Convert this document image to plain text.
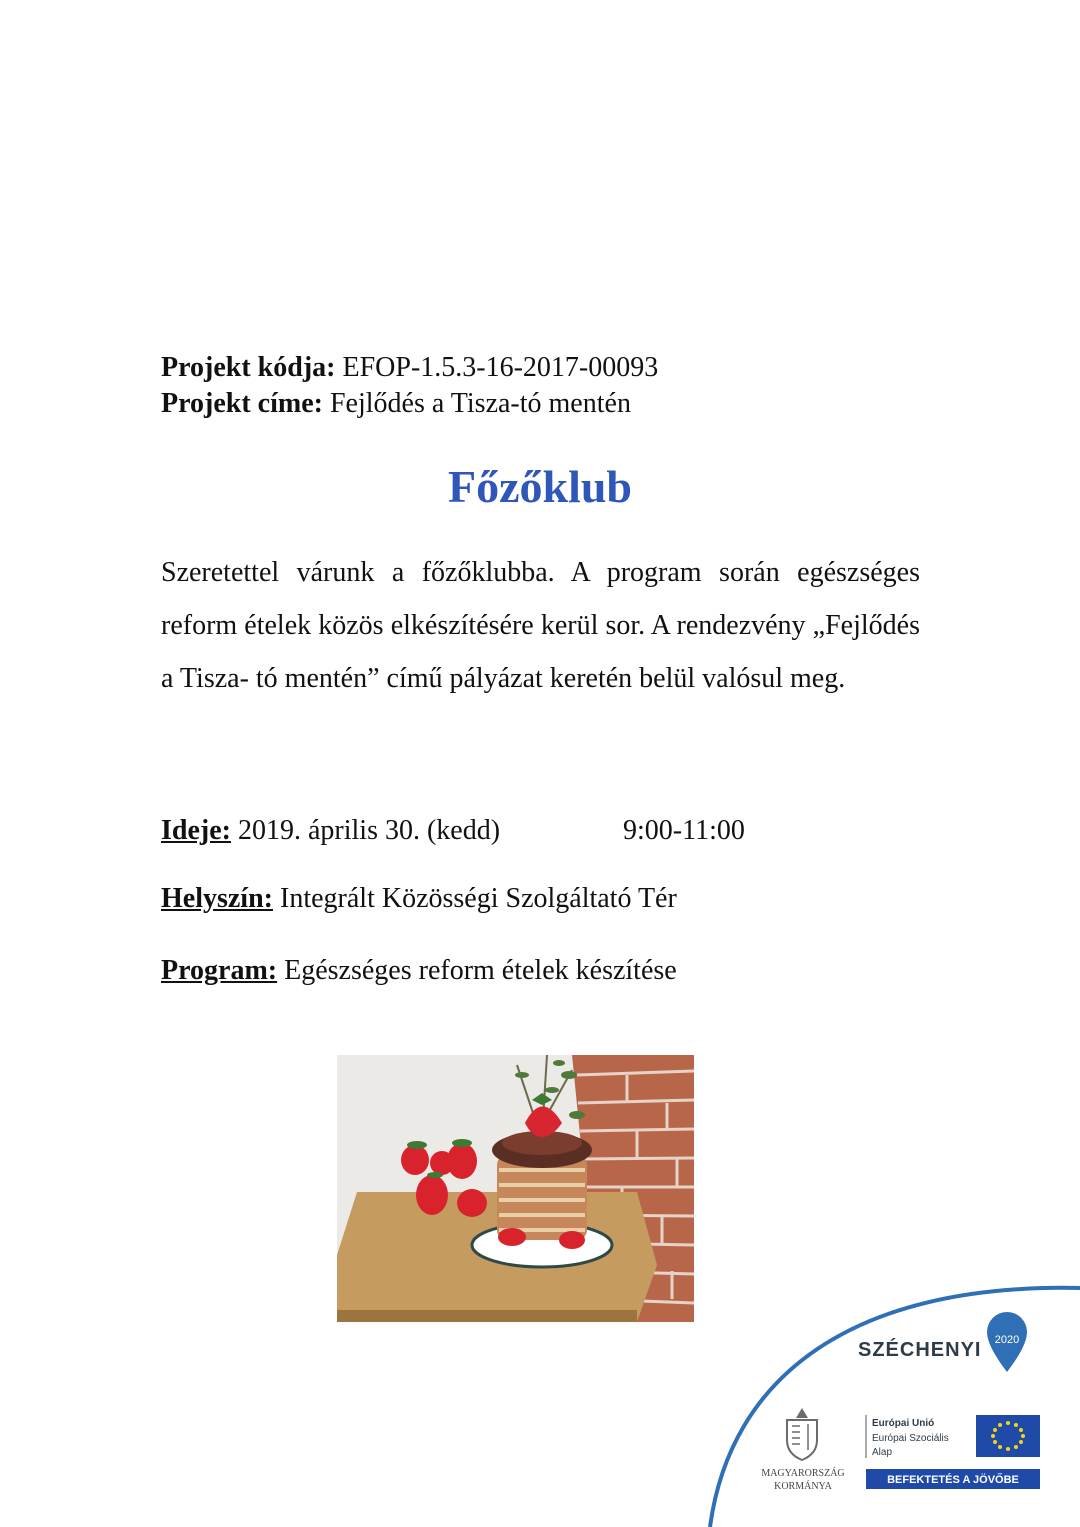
Projekt kódja: EFOP-1.5.3-16-2017-00093
Projekt címe: Fejlődés a Tisza-tó mentén
Főzőklub
Szeretettel várunk a főzőklubba. A program során egészséges reform ételek közös elkészítésére kerül sor. A rendezvény „Fejlődés a Tisza- tó mentén” című pályázat keretén belül valósul meg.
Ideje: 2019. április 30. (kedd)	9:00-11:00
Helyszín: Integrált Közösségi Szolgáltató Tér
Program: Egészséges reform ételek készítése
SZÉCHENYI 2020
MAGYARORSZÁG
KORMÁNYA
Európai Unió
Európai Szociális
Alap
BEFEKTETÉS A JÖVŐBE
